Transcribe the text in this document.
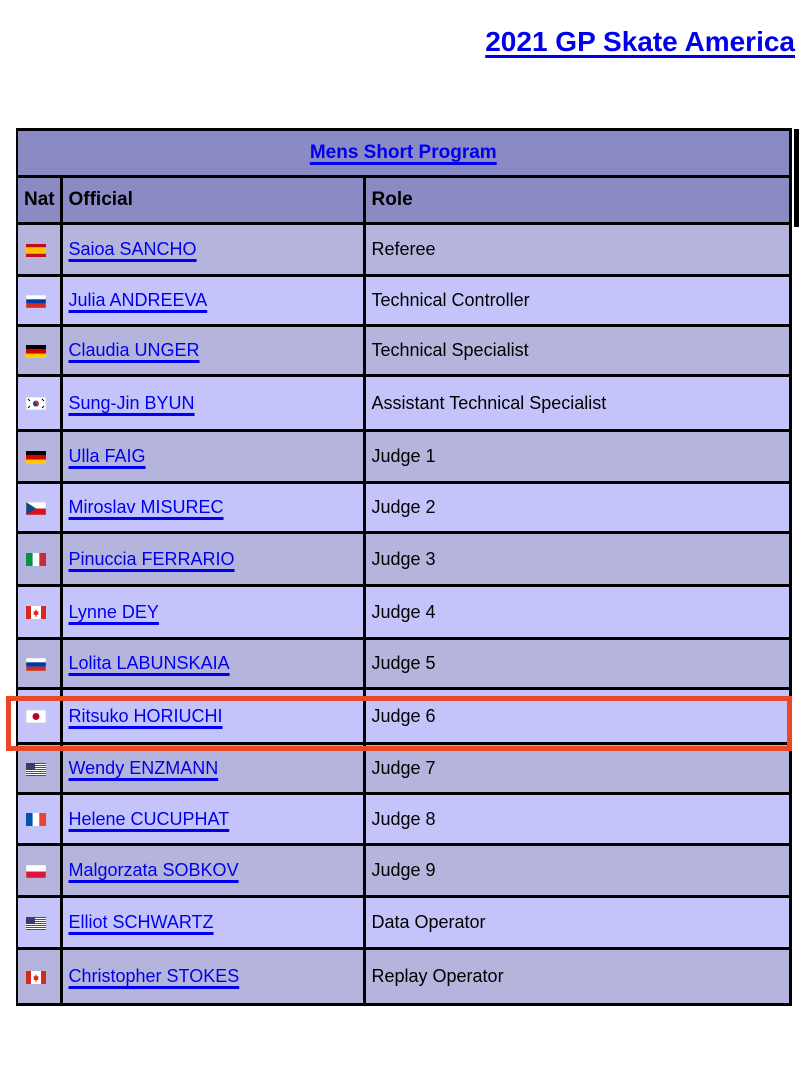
2021 GP Skate America
Mens Short Program		
Nat	Official	Role

	Saioa SANCHO	Referee

	Julia ANDREEVA	Technical Controller

	Claudia UNGER	Technical Specialist

	Sung-Jin BYUN	Assistant Technical Specialist

	Ulla FAIG	Judge 1

	Miroslav MISUREC	Judge 2

	Pinuccia FERRARIO	Judge 3

	Lynne DEY	Judge 4

	Lolita LABUNSKAIA	Judge 5

	Ritsuko HORIUCHI	Judge 6

	Wendy ENZMANN	Judge 7

	Helene CUCUPHAT	Judge 8

	Malgorzata SOBKOV	Judge 9

	Elliot SCHWARTZ	Data Operator

	Christopher STOKES	Replay Operator
